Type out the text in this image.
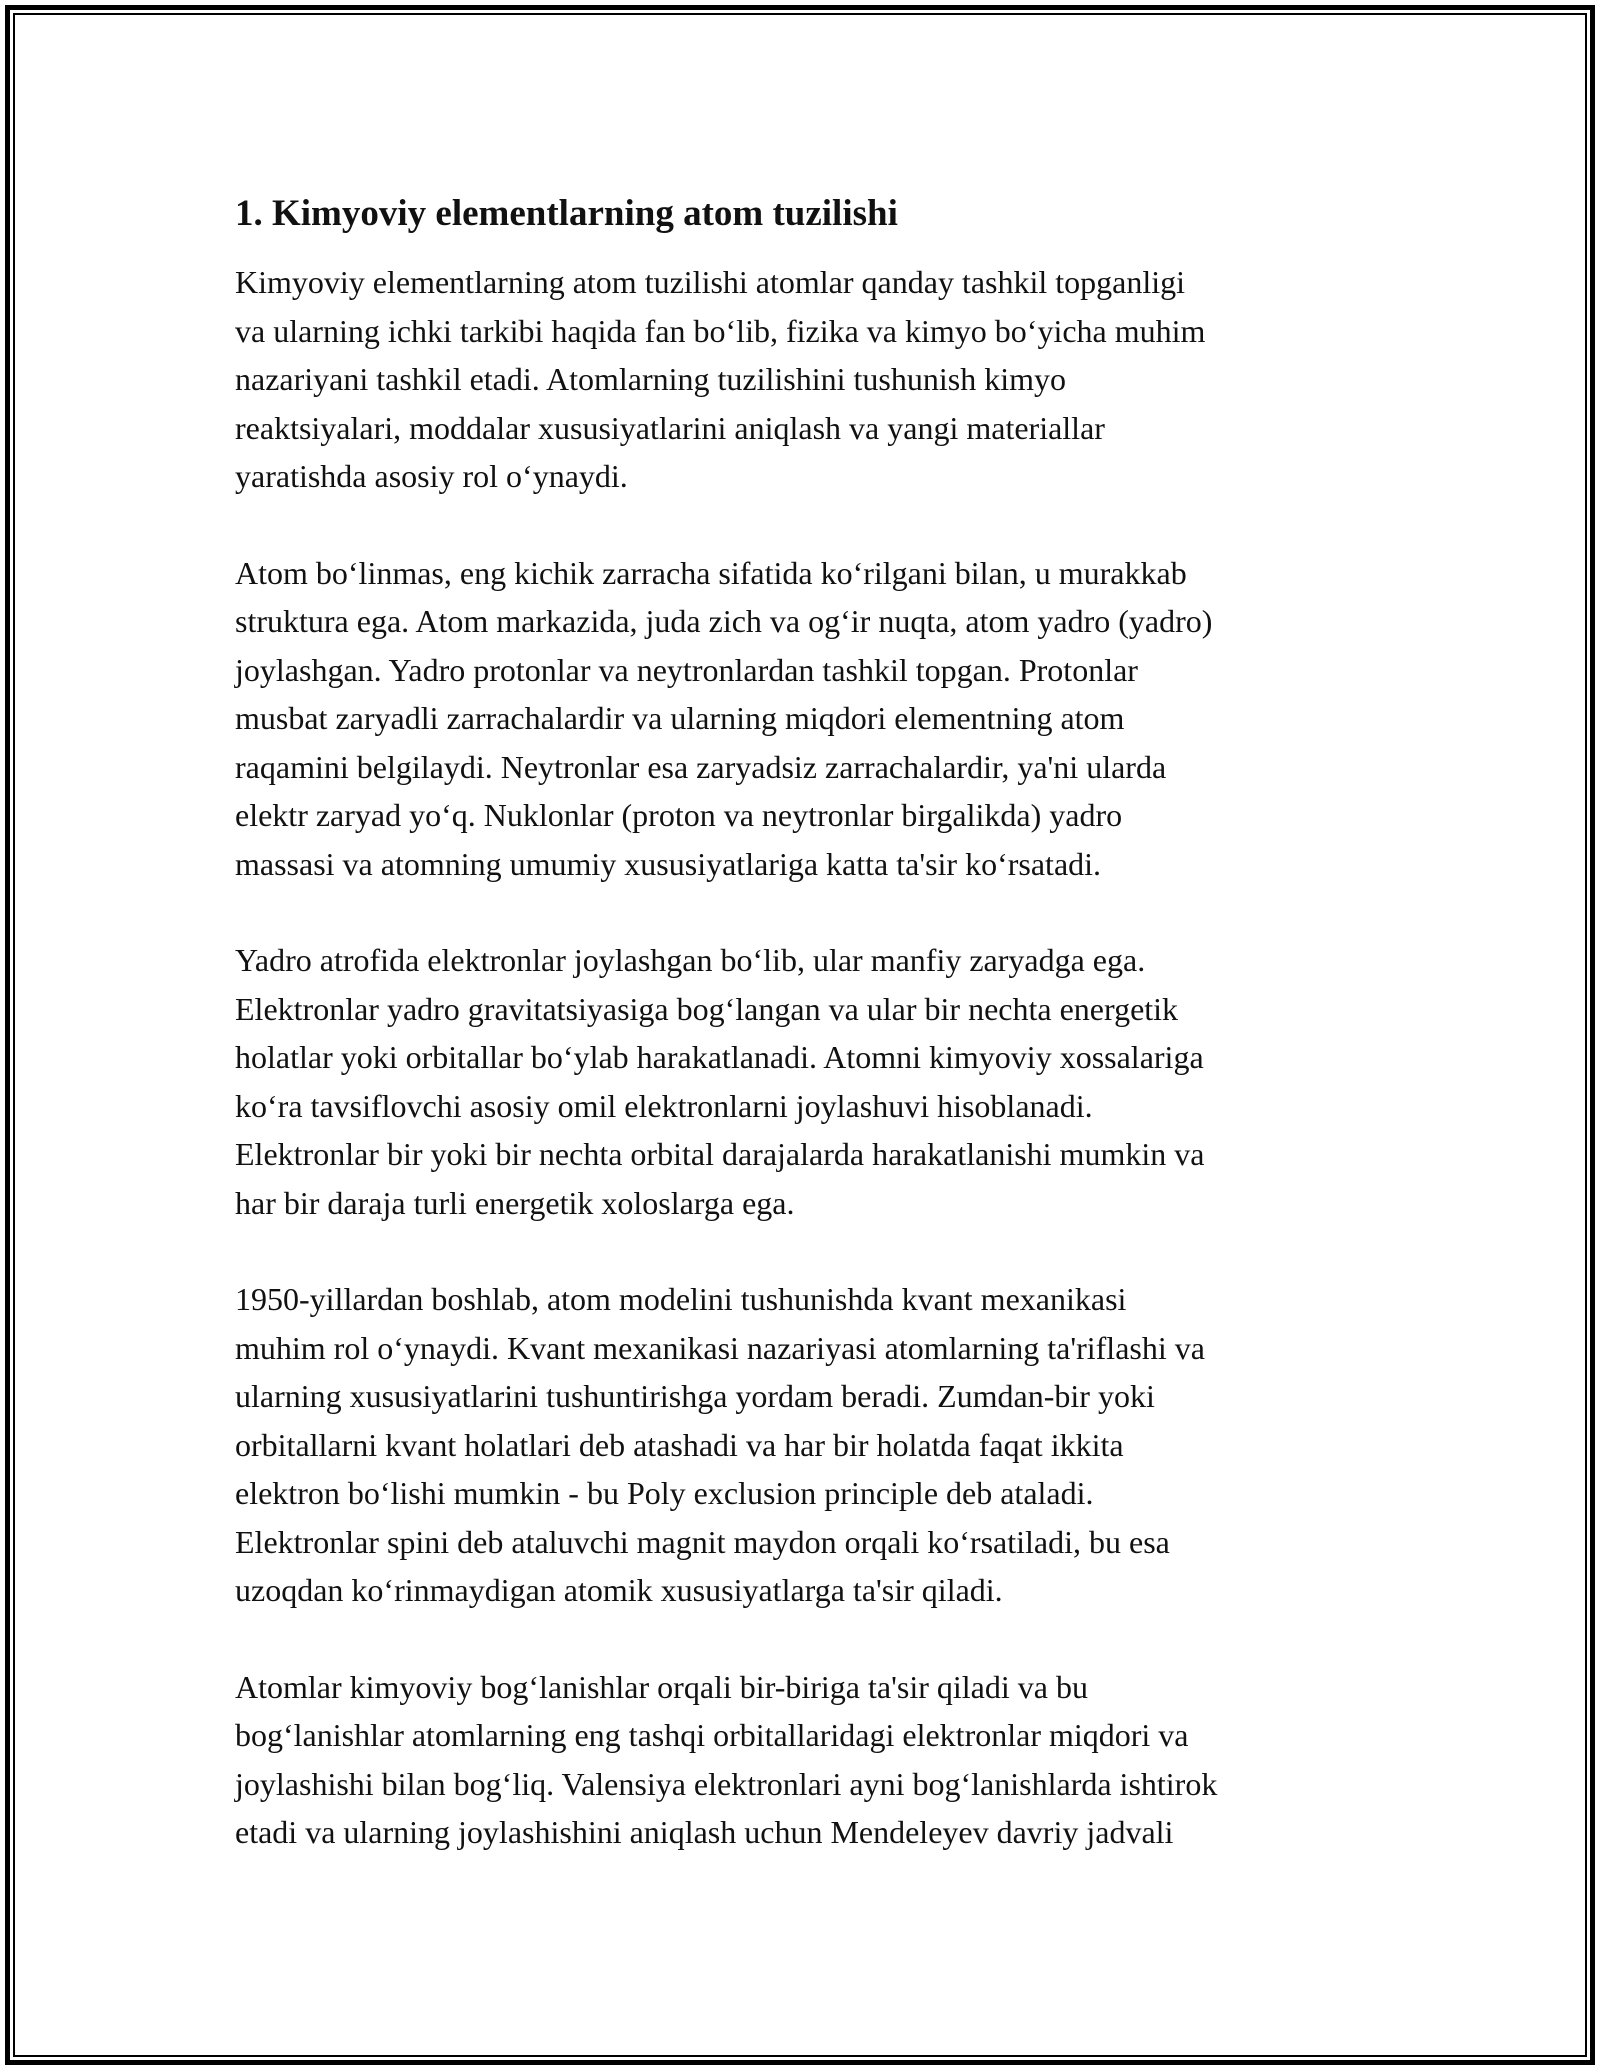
1. Kimyoviy elementlarning atom tuzilishi

Kimyoviy elementlarning atom tuzilishi atomlar qanday tashkil topganligi
va ularning ichki tarkibi haqida fan bo‘lib, fizika va kimyo bo‘yicha muhim
nazariyani tashkil etadi. Atomlarning tuzilishini tushunish kimyo
reaktsiyalari, moddalar xususiyatlarini aniqlash va yangi materiallar
yaratishda asosiy rol o‘ynaydi.

Atom bo‘linmas, eng kichik zarracha sifatida ko‘rilgani bilan, u murakkab
struktura ega. Atom markazida, juda zich va og‘ir nuqta, atom yadro (yadro)
joylashgan. Yadro protonlar va neytronlardan tashkil topgan. Protonlar
musbat zaryadli zarrachalardir va ularning miqdori elementning atom
raqamini belgilaydi. Neytronlar esa zaryadsiz zarrachalardir, ya'ni ularda
elektr zaryad yo‘q. Nuklonlar (proton va neytronlar birgalikda) yadro
massasi va atomning umumiy xususiyatlariga katta ta'sir ko‘rsatadi.

Yadro atrofida elektronlar joylashgan bo‘lib, ular manfiy zaryadga ega.
Elektronlar yadro gravitatsiyasiga bog‘langan va ular bir nechta energetik
holatlar yoki orbitallar bo‘ylab harakatlanadi. Atomni kimyoviy xossalariga
ko‘ra tavsiflovchi asosiy omil elektronlarni joylashuvi hisoblanadi.
Elektronlar bir yoki bir nechta orbital darajalarda harakatlanishi mumkin va
har bir daraja turli energetik xoloslarga ega.

1950-yillardan boshlab, atom modelini tushunishda kvant mexanikasi
muhim rol o‘ynaydi. Kvant mexanikasi nazariyasi atomlarning ta'riflashi va
ularning xususiyatlarini tushuntirishga yordam beradi. Zumdan-bir yoki
orbitallarni kvant holatlari deb atashadi va har bir holatda faqat ikkita
elektron bo‘lishi mumkin - bu Poly exclusion principle deb ataladi.
Elektronlar spini deb ataluvchi magnit maydon orqali ko‘rsatiladi, bu esa
uzoqdan ko‘rinmaydigan atomik xususiyatlarga ta'sir qiladi.

Atomlar kimyoviy bog‘lanishlar orqali bir-biriga ta'sir qiladi va bu
bog‘lanishlar atomlarning eng tashqi orbitallaridagi elektronlar miqdori va
joylashishi bilan bog‘liq. Valensiya elektronlari ayni bog‘lanishlarda ishtirok
etadi va ularning joylashishini aniqlash uchun Mendeleyev davriy jadvali
